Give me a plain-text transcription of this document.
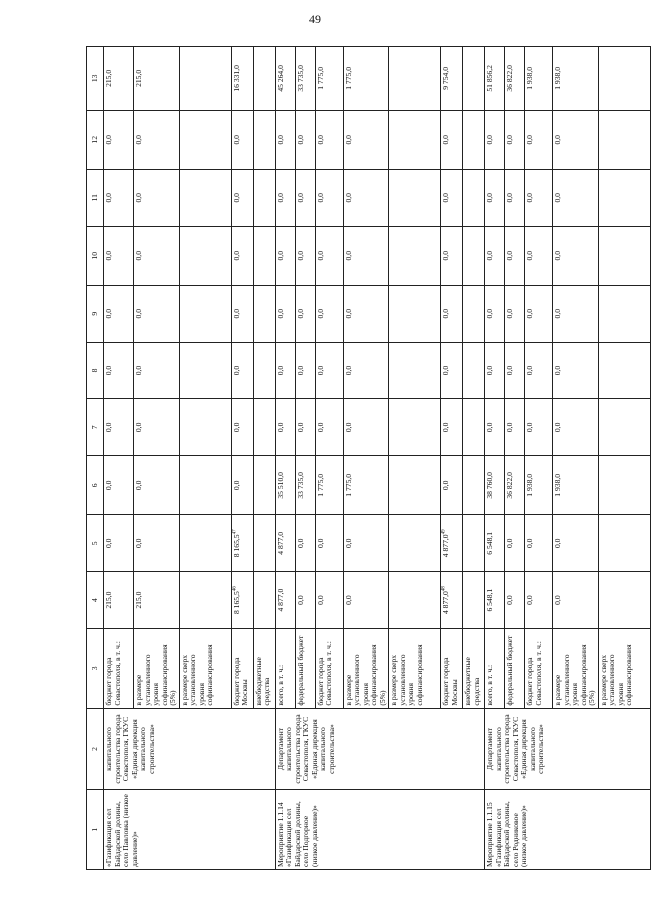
49
1	2	3	4	5	6	7	8	9	10	11	12	13
«Газификация сел Байдарской долины, село Павловка (низкое давление)»	капитального строительства города Севастополя, ГКУС «Единая дирекция капитального строительства»	бюджет города Севастополя, в т. ч.:	215,0	0,0	0,0	0,0	0,0	0,0	0,0	0,0	0,0	215,0
		в размере установленного уровня софинансирования (5%)	215,0	0,0	0,0	0,0	0,0	0,0	0,0	0,0	0,0	215,0
		в размере сверх установленного уровня софинансирования										
		бюджет города Москвы	8 165,5$^{46}$	8 165,5$^{47}$	0,0	0,0	0,0	0,0	0,0	0,0	0,0	16 331,0
		внебюджетные средства										
Мероприятие 1.1.14 «Газификация сел Байдарской долины, село Подгорное (низкое давление)»	Департамент капитального строительства города Севастополя, ГКУС «Единая дирекция капитального строительства»	всего, в т. ч.:	4 877,0	4 877,0	35 510,0	0,0	0,0	0,0	0,0	0,0	0,0	45 264,0
		федеральный бюджет	0,0	0,0	33 735,0	0,0	0,0	0,0	0,0	0,0	0,0	33 735,0
		бюджет города Севастополя, в т. ч.:	0,0	0,0	1 775,0	0,0	0,0	0,0	0,0	0,0	0,0	1 775,0
		в размере установленного уровня софинансирования (5%)	0,0	0,0	1 775,0	0,0	0,0	0,0	0,0	0,0	0,0	1 775,0
		в размере сверх установленного уровня софинансирования										
		бюджет города Москвы	4 877,0$^{48}$	4 877,0$^{49}$	0,0	0,0	0,0	0,0	0,0	0,0	0,0	9 754,0
		внебюджетные средства										
Мероприятие 1.1.15 «Газификация сел Байдарской долины, село Родниковое (низкое давление)»	Департамент капитального строительства города Севастополя, ГКУС «Единая дирекция капитального строительства»	всего, в т. ч.:	6 548,1	6 548,1	38 760,0	0,0	0,0	0,0	0,0	0,0	0,0	51 856,2
		федеральный бюджет	0,0	0,0	36 822,0	0,0	0,0	0,0	0,0	0,0	0,0	36 822,0
		бюджет города Севастополя, в т. ч.:	0,0	0,0	1 938,0	0,0	0,0	0,0	0,0	0,0	0,0	1 938,0
		в размере установленного уровня софинансирования (5%)	0,0	0,0	1 938,0	0,0	0,0	0,0	0,0	0,0	0,0	1 938,0
		в размере сверх установленного уровня софинансирования										
